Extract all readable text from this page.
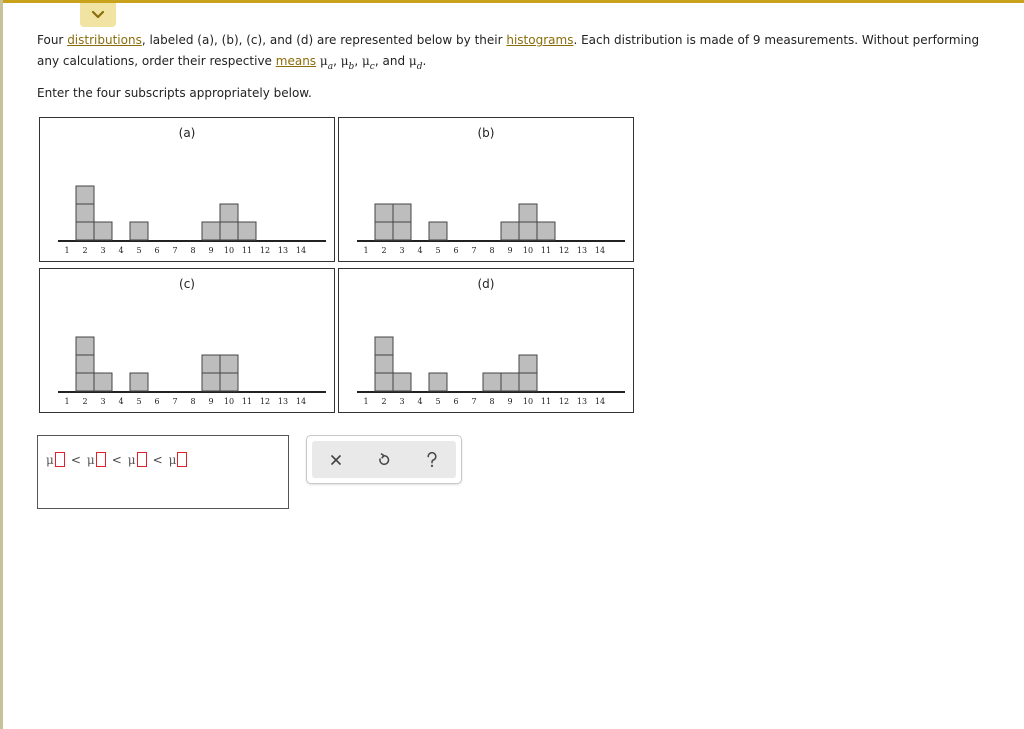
Four distributions, labeled (a), (b), (c), and (d) are represented below by their histograms. Each distribution is made of 9 measurements. Without performing any calculations, order their respective means $\mu_a$, $\mu_b$, $\mu_c$, and $\mu_d$.
Enter the four subscripts appropriately below.
(a)
1 2 3 4 5 6 7 8 9 10 11 12 13 14
(b)
1 2 3 4 5 6 7 8 9 10 11 12 13 14
(c)
1 2 3 4 5 6 7 8 9 10 11 12 13 14
(d)
1 2 3 4 5 6 7 8 9 10 11 12 13 14
μ < μ < μ < μ
